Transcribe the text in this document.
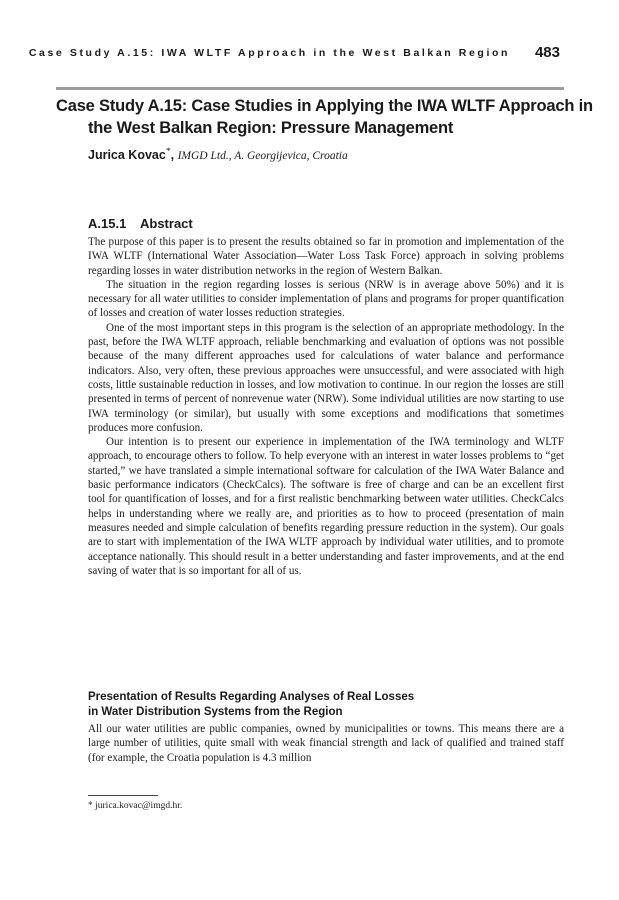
Case Study A.15: IWA WLTF Approach in the West Balkan Region 483
Case Study A.15: Case Studies in Applying the IWA WLTF Approach in the West Balkan Region: Pressure Management
Jurica Kovac*, IMGD Ltd., A. Georgijevica, Croatia
A.15.1 Abstract

The purpose of this paper is to present the results obtained so far in promotion and implementation of the IWA WLTF (International Water Association—Water Loss Task Force) approach in solving problems regarding losses in water distribution networks in the region of Western Balkan.

The situation in the region regarding losses is serious (NRW is in average above 50%) and it is necessary for all water utilities to consider implementation of plans and programs for proper quantification of losses and creation of water losses reduction strategies.

One of the most important steps in this program is the selection of an appropriate methodology. In the past, before the IWA WLTF approach, reliable benchmarking and evaluation of options was not possible because of the many different approaches used for calculations of water balance and performance indicators. Also, very often, these previous approaches were unsuccessful, and were associated with high costs, little sustainable reduction in losses, and low motivation to continue. In our region the losses are still presented in terms of percent of nonrevenue water (NRW). Some individual utilities are now starting to use IWA terminology (or similar), but usually with some exceptions and modifications that sometimes produces more confusion.

Our intention is to present our experience in implementation of the IWA terminology and WLTF approach, to encourage others to follow. To help everyone with an interest in water losses problems to “get started,” we have translated a simple international software for calculation of the IWA Water Balance and basic performance indicators (CheckCalcs). The software is free of charge and can be an excellent first tool for quantification of losses, and for a first realistic benchmarking between water utilities. CheckCalcs helps in understanding where we really are, and priorities as to how to proceed (presentation of main measures needed and simple calculation of benefits regarding pressure reduction in the system). Our goals are to start with implementation of the IWA WLTF approach by individual water utilities, and to promote acceptance nationally. This should result in a better understanding and faster improvements, and at the end saving of water that is so important for all of us.

Presentation of Results Regarding Analyses of Real Losses
in Water Distribution Systems from the Region

All our water utilities are public companies, owned by municipalities or towns. This means there are a large number of utilities, quite small with weak financial strength and lack of qualified and trained staff (for example, the Croatia population is 4.3 million

* jurica.kovac@imgd.hr.
